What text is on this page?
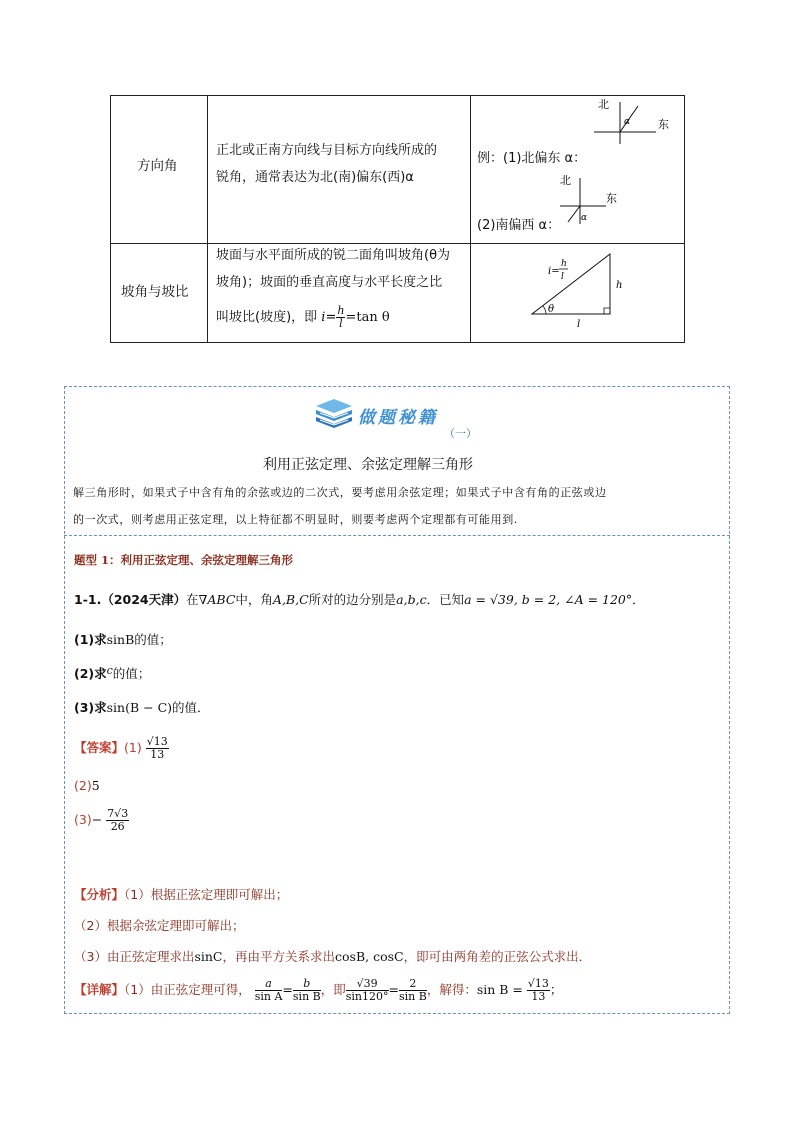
方向角
正北或正南方向线与目标方向线所成的
锐角，通常表达为北(南)偏东(西)α
例：(1)北偏东 α：
(2)南偏西 α：
北
东
α
北
东
α
坡角与坡比
坡面与水平面所成的锐二面角叫坡角(θ为
坡角)；坡面的垂直高度与水平长度之比
叫坡比(坡度)，即 $i= \frac{h}{l} =\tan$ θ
θ
h
l
i=
h
l
做题秘籍
（一）
利用正弦定理、余弦定理解三角形
解三角形时，如果式子中含有角的余弦或边的二次式，要考虑用余弦定理；如果式子中含有角的正弦或边
的一次式，则考虑用正弦定理，以上特征都不明显时，则要考虑两个定理都有可能用到.
题型 1：利用正弦定理、余弦定理解三角形
1-1.（2024天津）在∇ABC中，角A,B,C所对的边分别是a,b,c．已知a = √39, b = 2, ∠A = 120°．
(1)求sinB的值；
(2)求c的值；
(3)求sin(B − C)的值．
【答案】$(1) \frac{√13}{13}$
(2)5
$(3)- \frac{7√3}{26}$
【分析】（1）根据正弦定理即可解出；
（2）根据余弦定理即可解出；
（3）由正弦定理求出sinC，再由平方关系求出cosB, cosC，即可由两角差的正弦公式求出．
【详解】（1）由正弦定理可得， $\frac{a}{\text{sin A}} = \frac{b}{\text{sin B}}$ ，即 $\frac{√39}{\sin 120^\circ} = \frac{2}{\text{sin B}}$ ，解得：$\sin B = \frac{√13}{13}$ ；
